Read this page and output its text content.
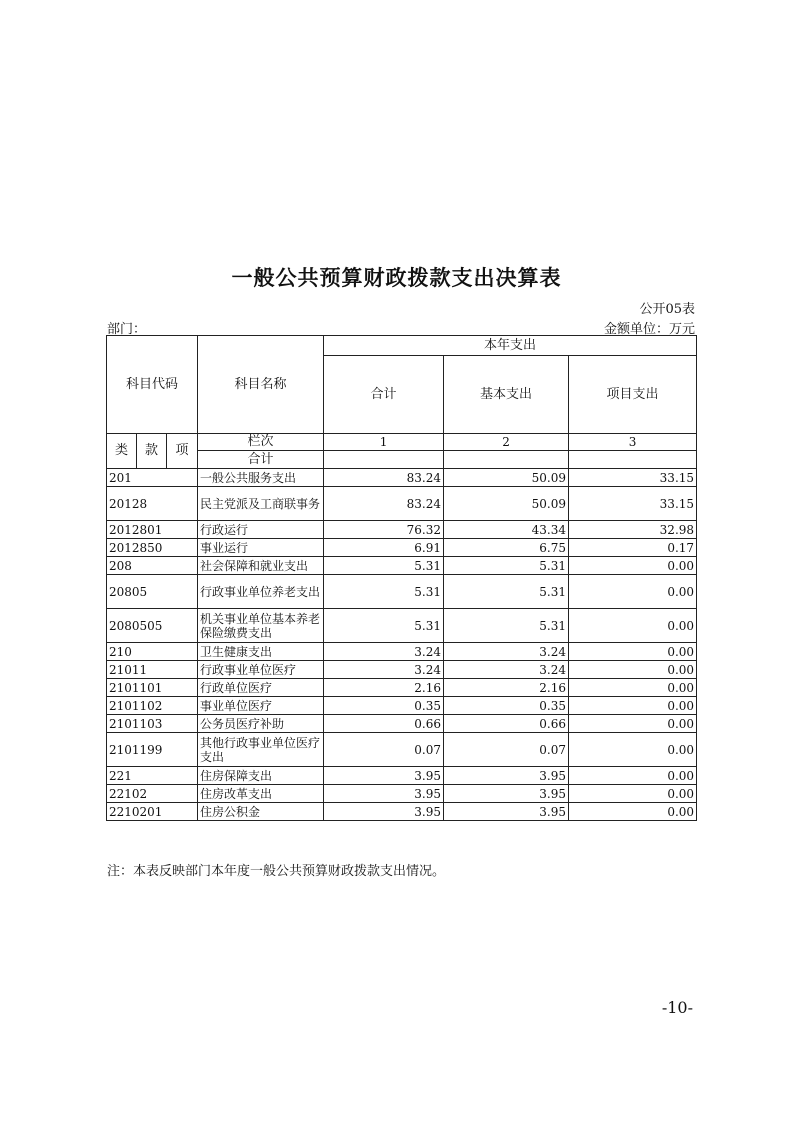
一般公共预算财政拨款支出决算表
公开05表
部门：	金额单位：万元
科目代码			科目名称	本年支出		
				合计	基本支出	项目支出
类	款	项	栏次	1	2	3
			合计			
201			一般公共服务支出	83.24	50.09	33.15
20128			民主党派及工商联事务	83.24	50.09	33.15
2012801			行政运行	76.32	43.34	32.98
2012850			事业运行	6.91	6.75	0.17
208			社会保障和就业支出	5.31	5.31	0.00
20805			行政事业单位养老支出	5.31	5.31	0.00
2080505			机关事业单位基本养老保险缴费支出	5.31	5.31	0.00
210			卫生健康支出	3.24	3.24	0.00
21011			行政事业单位医疗	3.24	3.24	0.00
2101101			行政单位医疗	2.16	2.16	0.00
2101102			事业单位医疗	0.35	0.35	0.00
2101103			公务员医疗补助	0.66	0.66	0.00
2101199			其他行政事业单位医疗支出	0.07	0.07	0.00
221			住房保障支出	3.95	3.95	0.00
22102			住房改革支出	3.95	3.95	0.00
2210201			住房公积金	3.95	3.95	0.00
注：本表反映部门本年度一般公共预算财政拨款支出情况。
-10-
